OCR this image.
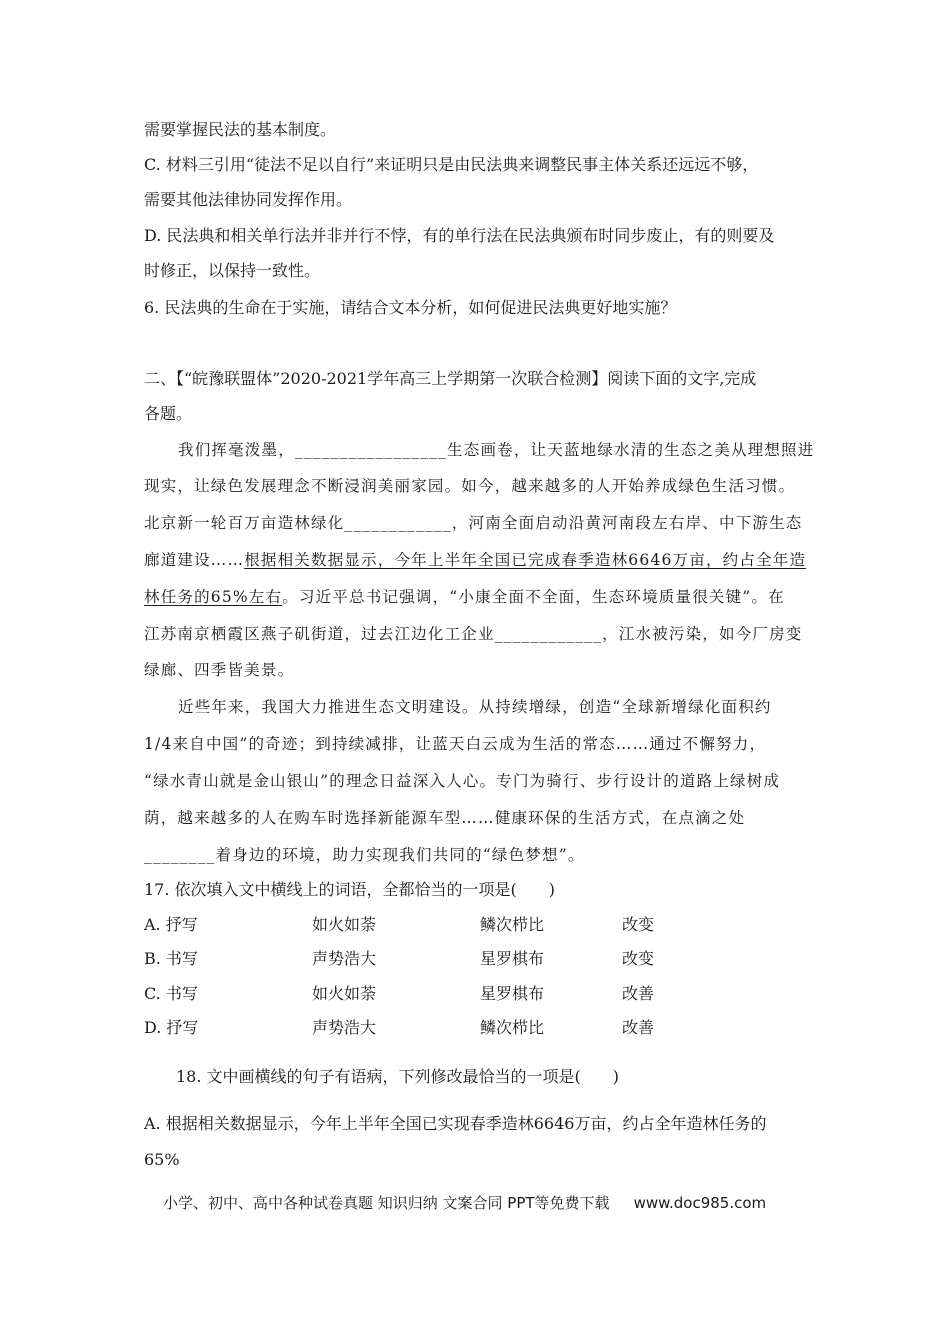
需要掌握民法的基本制度。
C. 材料三引用“徒法不足以自行”来证明只是由民法典来调整民事主体关系还远远不够，
需要其他法律协同发挥作用。
D. 民法典和相关单行法并非并行不悖，有的单行法在民法典颁布时同步废止，有的则要及
时修正，以保持一致性。
6. 民法典的生命在于实施，请结合文本分析，如何促进民法典更好地实施？
二、【“皖豫联盟体”2020-2021学年高三上学期第一次联合检测】阅读下面的文字,完成
各题。
我们挥毫泼墨，_________________生态画卷，让天蓝地绿水清的生态之美从理想照进
现实，让绿色发展理念不断浸润美丽家园。如今，越来越多的人开始养成绿色生活习惯。
北京新一轮百万亩造林绿化____________，河南全面启动沿黄河南段左右岸、中下游生态
廊道建设……根据相关数据显示，今年上半年全国已完成春季造林6646万亩，约占全年造
林任务的65%左右。习近平总书记强调，“小康全面不全面，生态环境质量很关键”。在
江苏南京栖霞区燕子矶街道，过去江边化工企业____________，江水被污染，如今厂房变
绿廊、四季皆美景。
近些年来，我国大力推进生态文明建设。从持续增绿，创造“全球新增绿化面积约
1/4来自中国”的奇迹；到持续减排，让蓝天白云成为生活的常态……通过不懈努力，
“绿水青山就是金山银山”的理念日益深入人心。专门为骑行、步行设计的道路上绿树成
荫，越来越多的人在购车时选择新能源车型……健康环保的生活方式，在点滴之处
________着身边的环境，助力实现我们共同的“绿色梦想”。
17. 依次填入文中横线上的词语，全都恰当的一项是(　　)
A. 抒写	如火如荼	鳞次栉比	改变
B. 书写	声势浩大	星罗棋布	改变
C. 书写	如火如荼	星罗棋布	改善
D. 抒写	声势浩大	鳞次栉比	改善
18. 文中画横线的句子有语病，下列修改最恰当的一项是(　　)
A. 根据相关数据显示，今年上半年全国已实现春季造林6646万亩，约占全年造林任务的
65%
小学、初中、高中各种试卷真题 知识归纳 文案合同 PPT等免费下载 www.doc985.com
